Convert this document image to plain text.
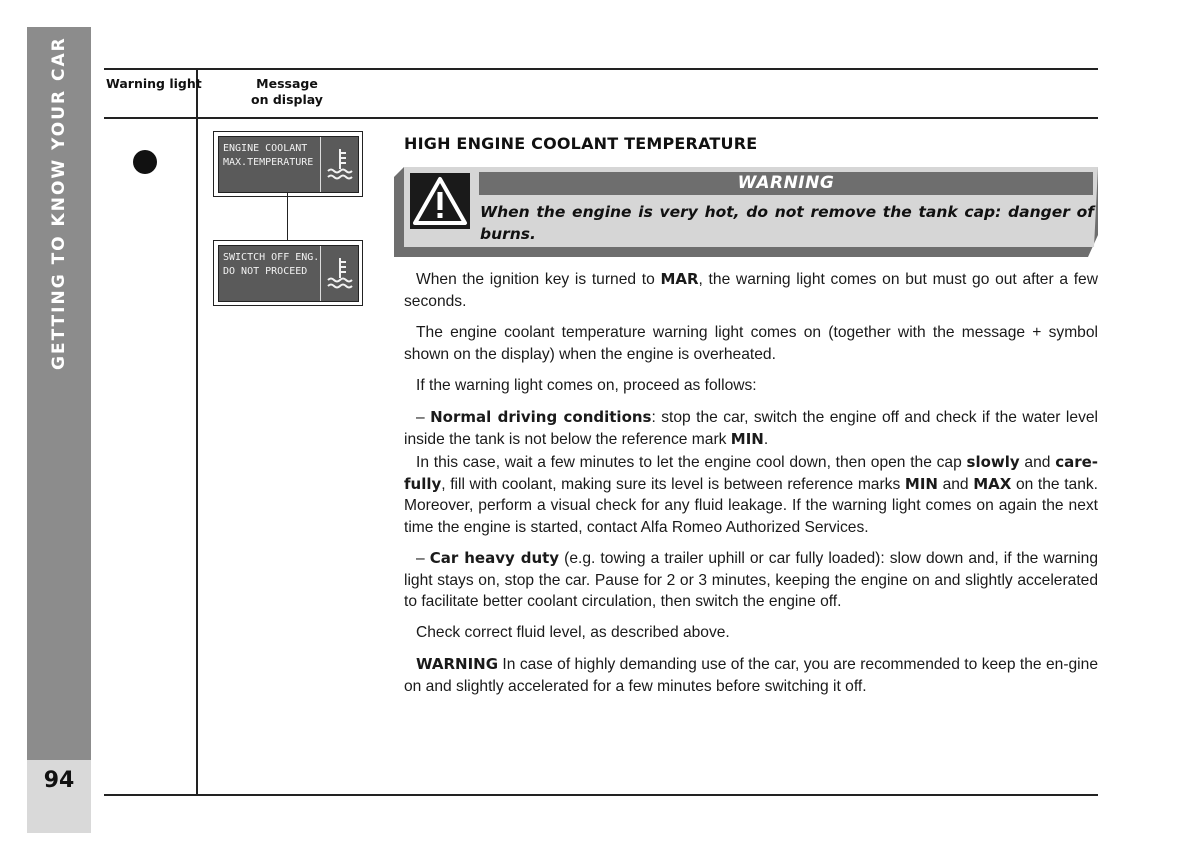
GETTING TO KNOW YOUR CAR
94
Warning light	Message
on display
ENGINE COOLANT
MAX.TEMPERATURE
SWICTCH OFF ENG.
DO NOT PROCEED
HIGH ENGINE COOLANT TEMPERATURE
WARNING
When the engine is very hot, do not remove the tank cap: danger of burns.
When the ignition key is turned to MAR, the warning light comes on but must go out after a few seconds.
The engine coolant temperature warning light comes on (together with the message + symbol shown on the display) when the engine is overheated.
If the warning light comes on, proceed as follows:
– Normal driving conditions: stop the car, switch the engine off and check if the water level inside the tank is not below the reference mark MIN.
In this case, wait a few minutes to let the engine cool down, then open the cap slowly and care-fully, fill with coolant, making sure its level is between reference marks MIN and MAX on the tank. Moreover, perform a visual check for any fluid leakage. If the warning light comes on again the next time the engine is started, contact Alfa Romeo Authorized Services.
– Car heavy duty (e.g. towing a trailer uphill or car fully loaded): slow down and, if the warning light stays on, stop the car. Pause for 2 or 3 minutes, keeping the engine on and slightly accelerated to facilitate better coolant circulation, then switch the engine off.
Check correct fluid level, as described above.
WARNING In case of highly demanding use of the car, you are recommended to keep the en-gine on and slightly accelerated for a few minutes before switching it off.
